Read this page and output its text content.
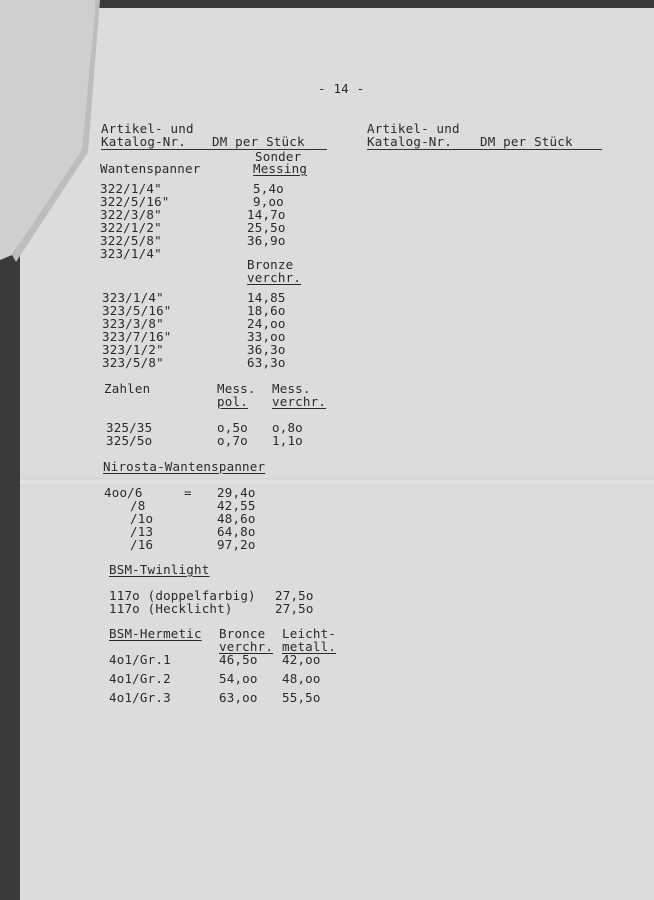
- 14 -
Artikel- und
Katalog-Nr. DM per Stück
Artikel- und
Katalog-Nr. DM per Stück
Sonder
Wantenspanner	Messing
322/1/4"	5,4o
322/5/16"	9,oo
322/3/8"	14,7o
322/1/2"	25,5o
322/5/8"	36,9o
323/1/4"
Bronze
verchr.
323/1/4"	14,85
323/5/16"	18,6o
323/3/8"	24,oo
323/7/16"	33,oo
323/1/2"	36,3o
323/5/8"	63,3o
Zahlen	Mess. Mess.
pol. verchr.
325/35	o,5o o,8o
325/5o	o,7o 1,1o
Nirosta-Wantenspanner
=
4oo/6	29,4o
/8	42,55
/1o	48,6o
/13	64,8o
/16	97,2o
BSM-Twinlight
117o (doppelfarbig) 27,5o
117o (Hecklicht)	27,5o
BSM-Hermetic Bronce Leicht-
verchr. metall.
4o1/Gr.1	46,5o 42,oo
4o1/Gr.2	54,oo 48,oo
4o1/Gr.3	63,oo 55,5o
